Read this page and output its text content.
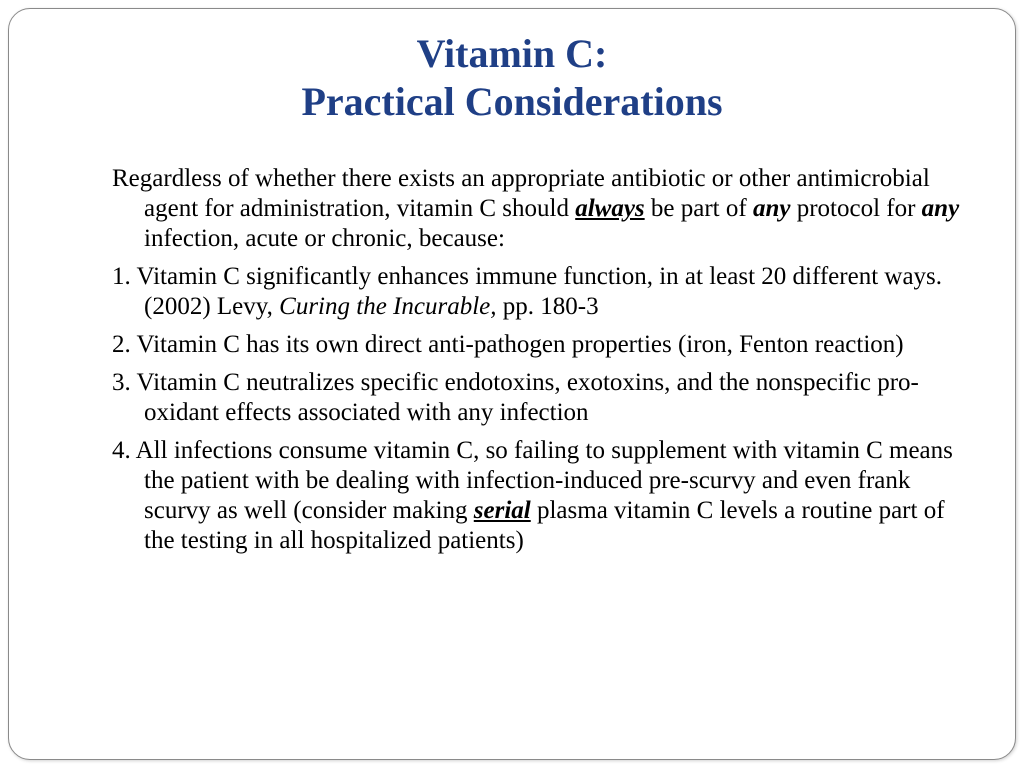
Vitamin C:
Practical Considerations

Regardless of whether there exists an appropriate antibiotic or other antimicrobial agent for administration, vitamin C should always be part of any protocol for any infection, acute or chronic, because:

1. Vitamin C significantly enhances immune function, in at least 20 different ways. (2002) Levy, Curing the Incurable, pp. 180-3

2. Vitamin C has its own direct anti-pathogen properties (iron, Fenton reaction)

3. Vitamin C neutralizes specific endotoxins, exotoxins, and the nonspecific pro-oxidant effects associated with any infection

4. All infections consume vitamin C, so failing to supplement with vitamin C means the patient with be dealing with infection-induced pre-scurvy and even frank scurvy as well (consider making serial plasma vitamin C levels a routine part of the testing in all hospitalized patients)
